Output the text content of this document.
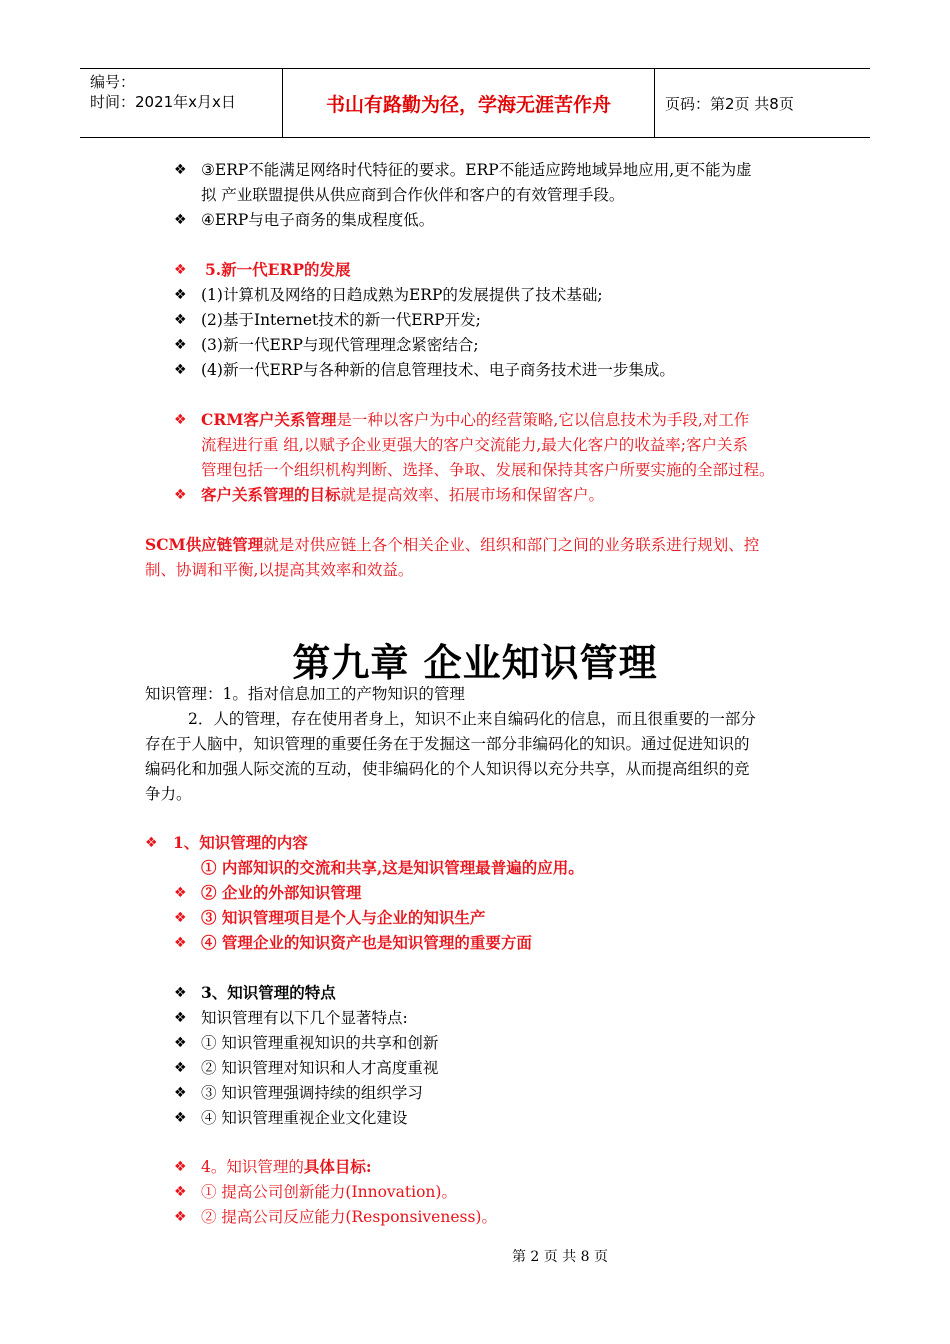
编号：
时间：2021年x月x日	书山有路勤为径，学海无涯苦作舟	页码：第2页 共8页
❖ ③ERP不能满足网络时代特征的要求。ERP不能适应跨地域异地应用,更不能为虚
拟 产业联盟提供从供应商到合作伙伴和客户的有效管理手段。
❖ ④ERP与电子商务的集成程度低。
❖	5.新一代ERP的发展
❖ (1)计算机及网络的日趋成熟为ERP的发展提供了技术基础;
❖ (2)基于Internet技术的新一代ERP开发;
❖ (3)新一代ERP与现代管理理念紧密结合;
❖ (4)新一代ERP与各种新的信息管理技术、电子商务技术进一步集成。
❖ CRM客户关系管理是一种以客户为中心的经营策略,它以信息技术为手段,对工作
流程进行重 组,以赋予企业更强大的客户交流能力,最大化客户的收益率;客户关系
管理包括一个组织机构判断、选择、争取、发展和保持其客户所要实施的全部过程。
❖ 客户关系管理的目标就是提高效率、拓展市场和保留客户。
SCM供应链管理就是对供应链上各个相关企业、组织和部门之间的业务联系进行规划、控
制、协调和平衡,以提高其效率和效益。
第九章 企业知识管理
知识管理：1。指对信息加工的产物知识的管理
2．人的管理，存在使用者身上，知识不止来自编码化的信息，而且很重要的一部分
存在于人脑中，知识管理的重要任务在于发掘这一部分非编码化的知识。通过促进知识的
编码化和加强人际交流的互动，使非编码化的个人知识得以充分共享，从而提高组织的竞
争力。
❖ 1、知识管理的内容
① 内部知识的交流和共享,这是知识管理最普遍的应用。
❖ ② 企业的外部知识管理
❖ ③ 知识管理项目是个人与企业的知识生产
❖ ④ 管理企业的知识资产也是知识管理的重要方面
❖ 3、知识管理的特点
❖ 知识管理有以下几个显著特点:
❖ ① 知识管理重视知识的共享和创新
❖ ② 知识管理对知识和人才高度重视
❖ ③ 知识管理强调持续的组织学习
❖ ④ 知识管理重视企业文化建设
❖ 4。知识管理的具体目标:
❖ ① 提高公司创新能力(Innovation)。
❖ ② 提高公司反应能力(Responsiveness)。
第 2 页 共 8 页
